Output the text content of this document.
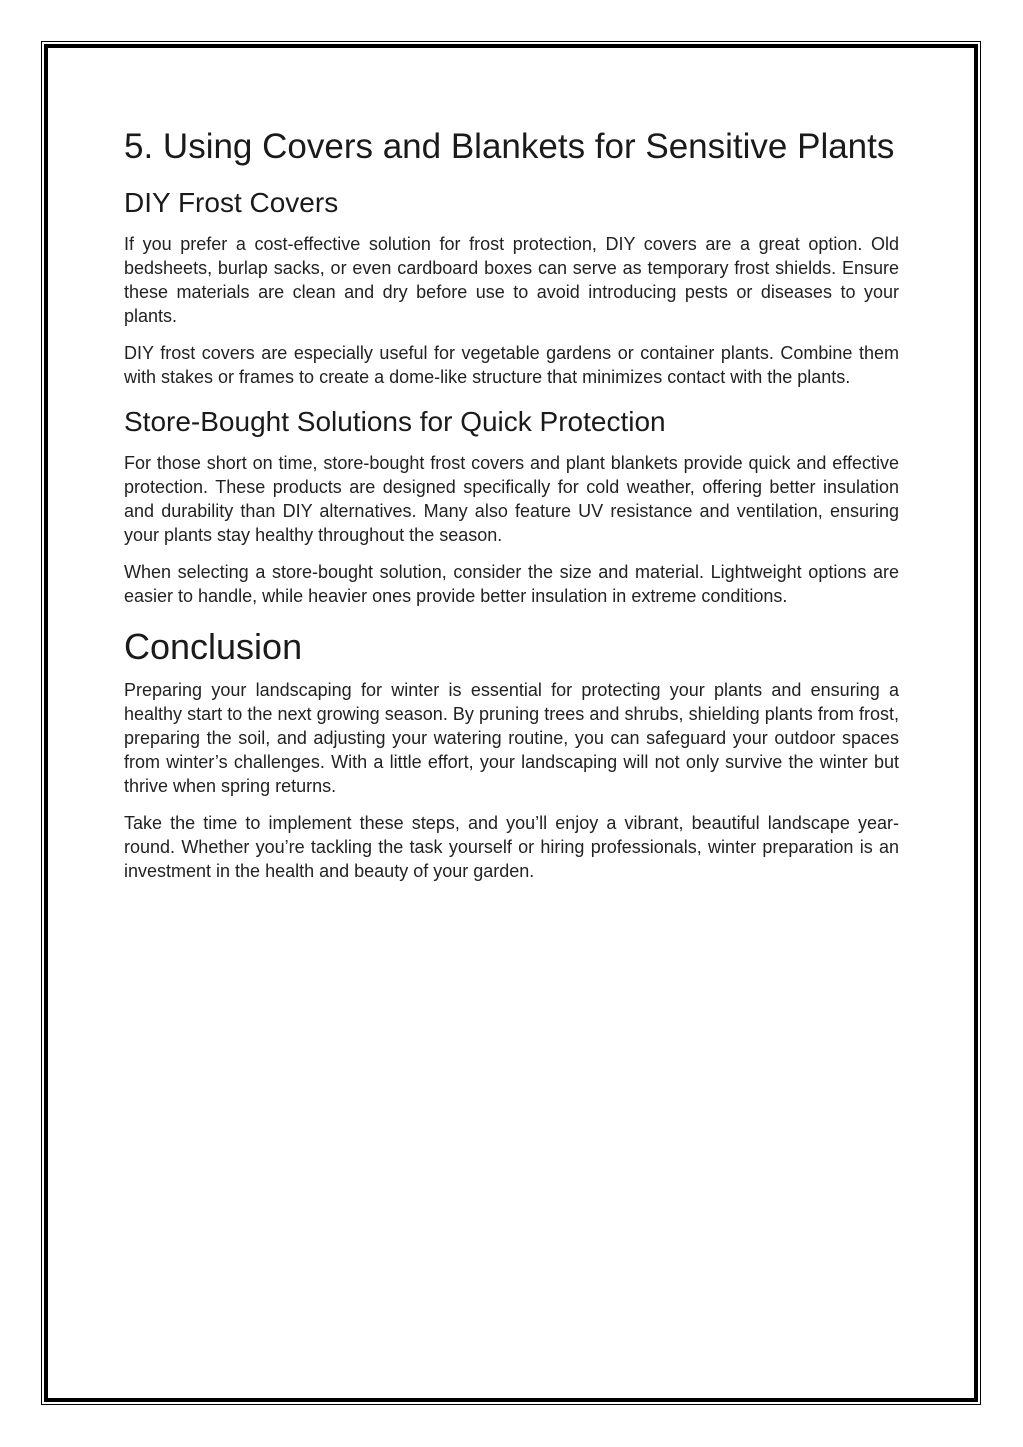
5. Using Covers and Blankets for Sensitive Plants
DIY Frost Covers

If you prefer a cost-effective solution for frost protection, DIY covers are a great option. Old bedsheets, burlap sacks, or even cardboard boxes can serve as temporary frost shields. Ensure these materials are clean and dry before use to avoid introducing pests or diseases to your plants.

DIY frost covers are especially useful for vegetable gardens or container plants. Combine them with stakes or frames to create a dome-like structure that minimizes contact with the plants.

Store-Bought Solutions for Quick Protection

For those short on time, store-bought frost covers and plant blankets provide quick and effective protection. These products are designed specifically for cold weather, offering better insulation and durability than DIY alternatives. Many also feature UV resistance and ventilation, ensuring your plants stay healthy throughout the season.

When selecting a store-bought solution, consider the size and material. Lightweight options are easier to handle, while heavier ones provide better insulation in extreme conditions.

Conclusion

Preparing your landscaping for winter is essential for protecting your plants and ensuring a healthy start to the next growing season. By pruning trees and shrubs, shielding plants from frost, preparing the soil, and adjusting your watering routine, you can safeguard your outdoor spaces from winter’s challenges. With a little effort, your landscaping will not only survive the winter but thrive when spring returns.

Take the time to implement these steps, and you’ll enjoy a vibrant, beautiful landscape year-round. Whether you’re tackling the task yourself or hiring professionals, winter preparation is an investment in the health and beauty of your garden.
